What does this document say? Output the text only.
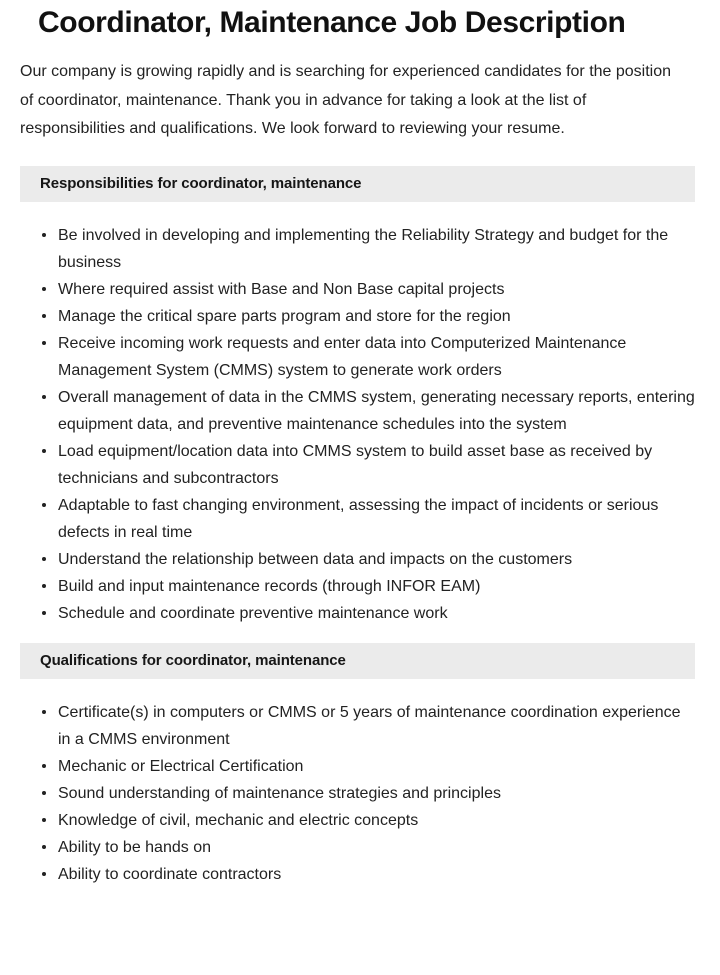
Coordinator, Maintenance Job Description

Our company is growing rapidly and is searching for experienced candidates for the position of coordinator, maintenance. Thank you in advance for taking a look at the list of responsibilities and qualifications. We look forward to reviewing your resume.

Responsibilities for coordinator, maintenance
Be involved in developing and implementing the Reliability Strategy and budget for the business
Where required assist with Base and Non Base capital projects
Manage the critical spare parts program and store for the region
Receive incoming work requests and enter data into Computerized Maintenance Management System (CMMS) system to generate work orders
Overall management of data in the CMMS system, generating necessary reports, entering equipment data, and preventive maintenance schedules into the system
Load equipment/location data into CMMS system to build asset base as received by technicians and subcontractors
Adaptable to fast changing environment, assessing the impact of incidents or serious defects in real time
Understand the relationship between data and impacts on the customers
Build and input maintenance records (through INFOR EAM)
Schedule and coordinate preventive maintenance work
Qualifications for coordinator, maintenance
Certificate(s) in computers or CMMS or 5 years of maintenance coordination experience in a CMMS environment
Mechanic or Electrical Certification
Sound understanding of maintenance strategies and principles
Knowledge of civil, mechanic and electric concepts
Ability to be hands on
Ability to coordinate contractors
